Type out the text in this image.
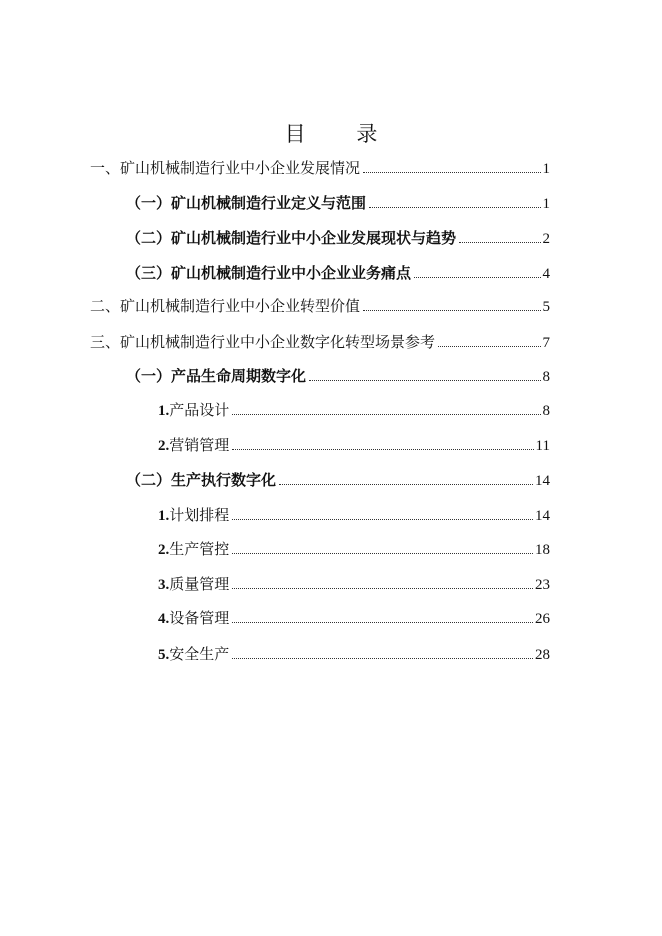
目 录
一、矿山机械制造行业中小企业发展情况	1
（一）矿山机械制造行业定义与范围	1
（二）矿山机械制造行业中小企业发展现状与趋势	2
（三）矿山机械制造行业中小企业业务痛点	4
二、矿山机械制造行业中小企业转型价值	5
三、矿山机械制造行业中小企业数字化转型场景参考	7
（一）产品生命周期数字化	8
1.产品设计	8
2.营销管理	11
（二）生产执行数字化	14
1.计划排程	14
2.生产管控	18
3.质量管理	23
4.设备管理	26
5.安全生产	28
